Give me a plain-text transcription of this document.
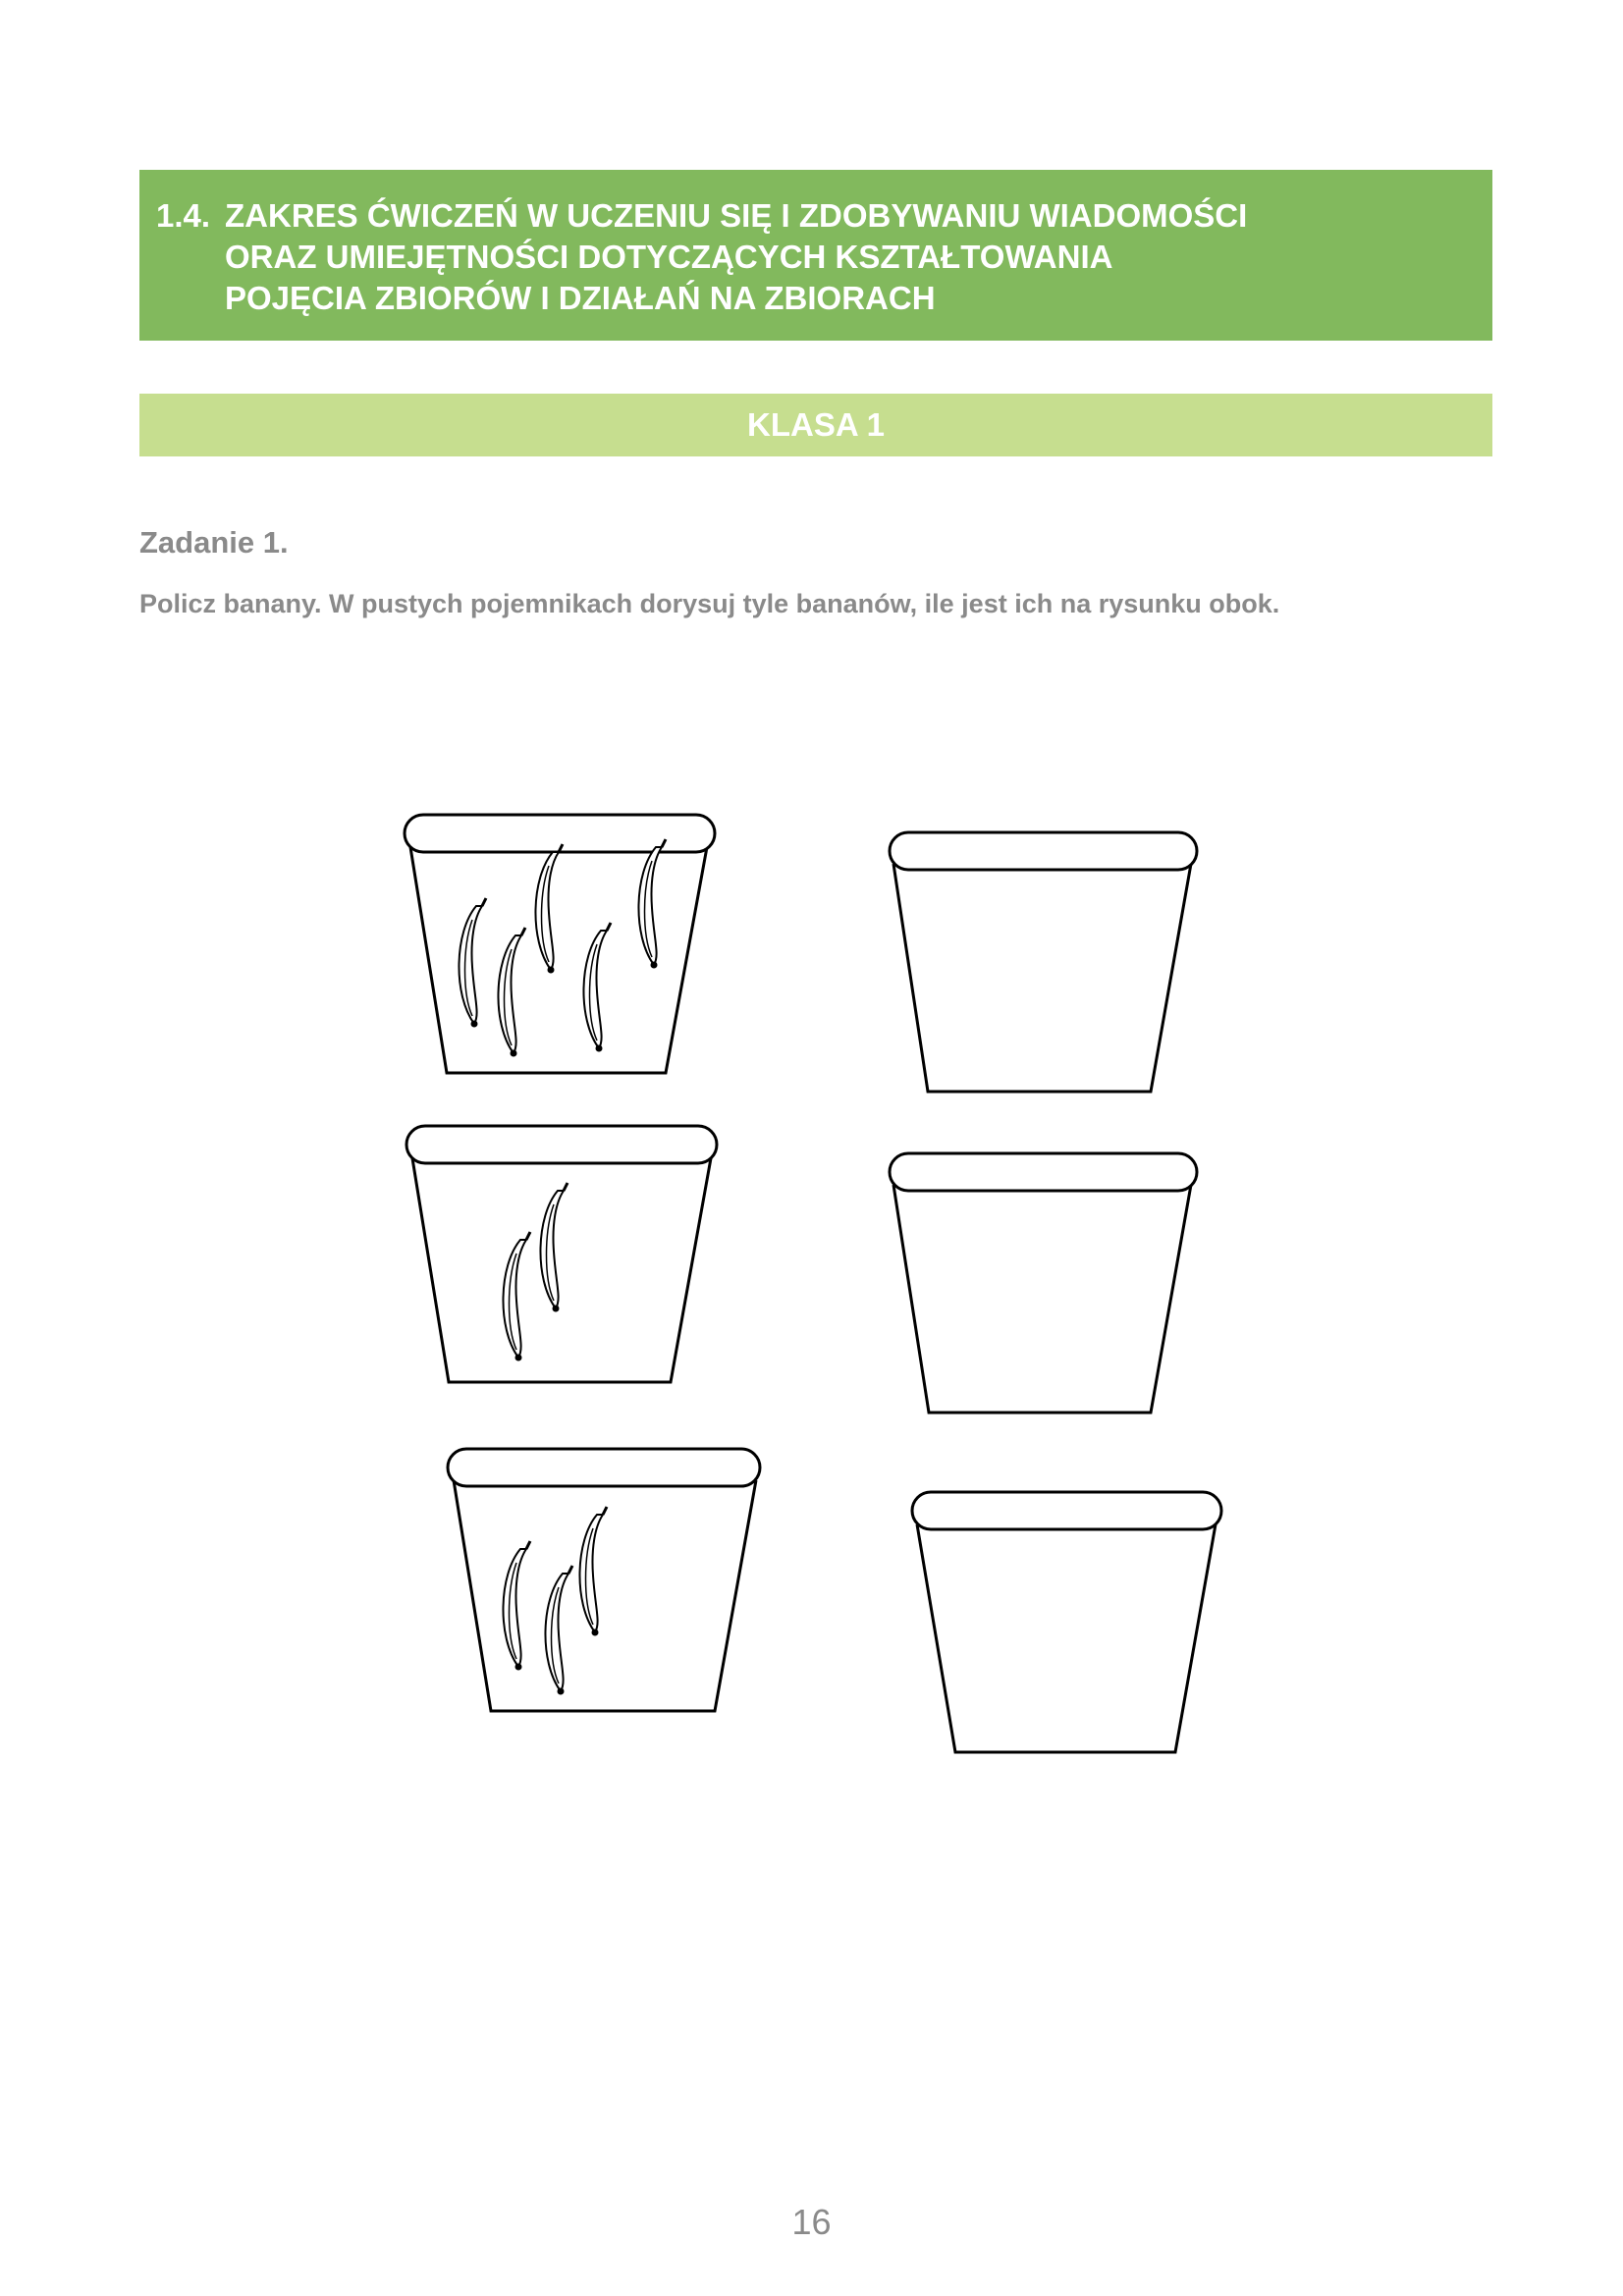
1.4. ZAKRES ĆWICZEŃ W UCZENIU SIĘ I ZDOBYWANIU WIADOMOŚCI
ORAZ UMIEJĘTNOŚCI DOTYCZĄCYCH KSZTAŁTOWANIA
POJĘCIA ZBIORÓW I DZIAŁAŃ NA ZBIORACH
KLASA 1
Zadanie 1.
Policz banany. W pustych pojemnikach dorysuj tyle bananów, ile jest ich na rysunku obok.
16
